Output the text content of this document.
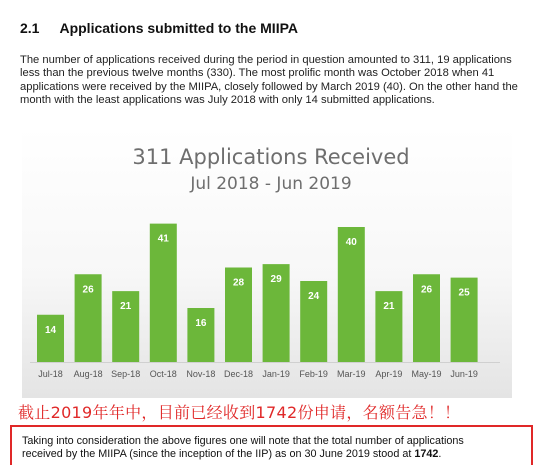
2.1 Applications submitted to the MIIPA
The number of applications received during the period in question amounted to 311, 19 applications less than the previous twelve months (330). The most prolific month was October 2018 when 41 applications were received by the MIIPA, closely followed by March 2019 (40). On the other hand the month with the least applications was July 2018 with only 14 submitted applications.
311 Applications Received
Jul 2018 - Jun 2019
14
Jul-18
26
Aug-18
21
Sep-18
41
Oct-18
16
Nov-18
28
Dec-18
29
Jan-19
24
Feb-19
40
Mar-19
21
Apr-19
26
May-19
25
Jun-19
截止2019年年中，目前已经收到1742份申请，名额告急！！
Taking into consideration the above figures one will note that the total number of applications
received by the MIIPA (since the inception of the IIP) as on 30 June 2019 stood at 1742.
